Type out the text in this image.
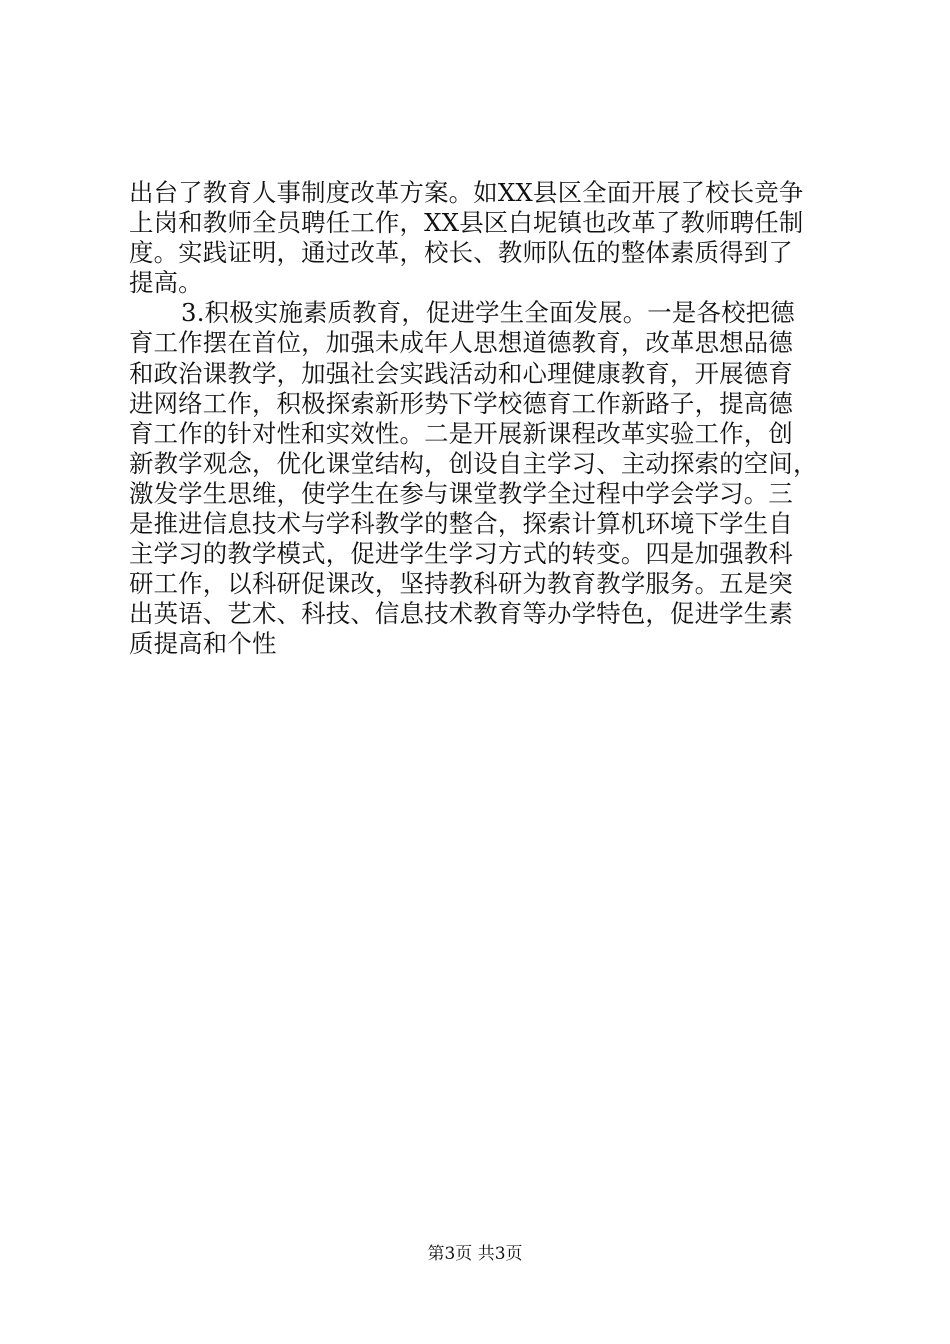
出台了教育人事制度改革方案。如XX县区全面开展了校长竞争
上岗和教师全员聘任工作，XX县区白坭镇也改革了教师聘任制
度。实践证明，通过改革，校长、教师队伍的整体素质得到了
提高。
3.积极实施素质教育，促进学生全面发展。一是各校把德
育工作摆在首位，加强未成年人思想道德教育，改革思想品德
和政治课教学，加强社会实践活动和心理健康教育，开展德育
进网络工作，积极探索新形势下学校德育工作新路子，提高德
育工作的针对性和实效性。二是开展新课程改革实验工作，创
新教学观念，优化课堂结构，创设自主学习、主动探索的空间，
激发学生思维，使学生在参与课堂教学全过程中学会学习。三
是推进信息技术与学科教学的整合，探索计算机环境下学生自
主学习的教学模式，促进学生学习方式的转变。四是加强教科
研工作，以科研促课改，坚持教科研为教育教学服务。五是突
出英语、艺术、科技、信息技术教育等办学特色，促进学生素
质提高和个性
第3页 共3页
